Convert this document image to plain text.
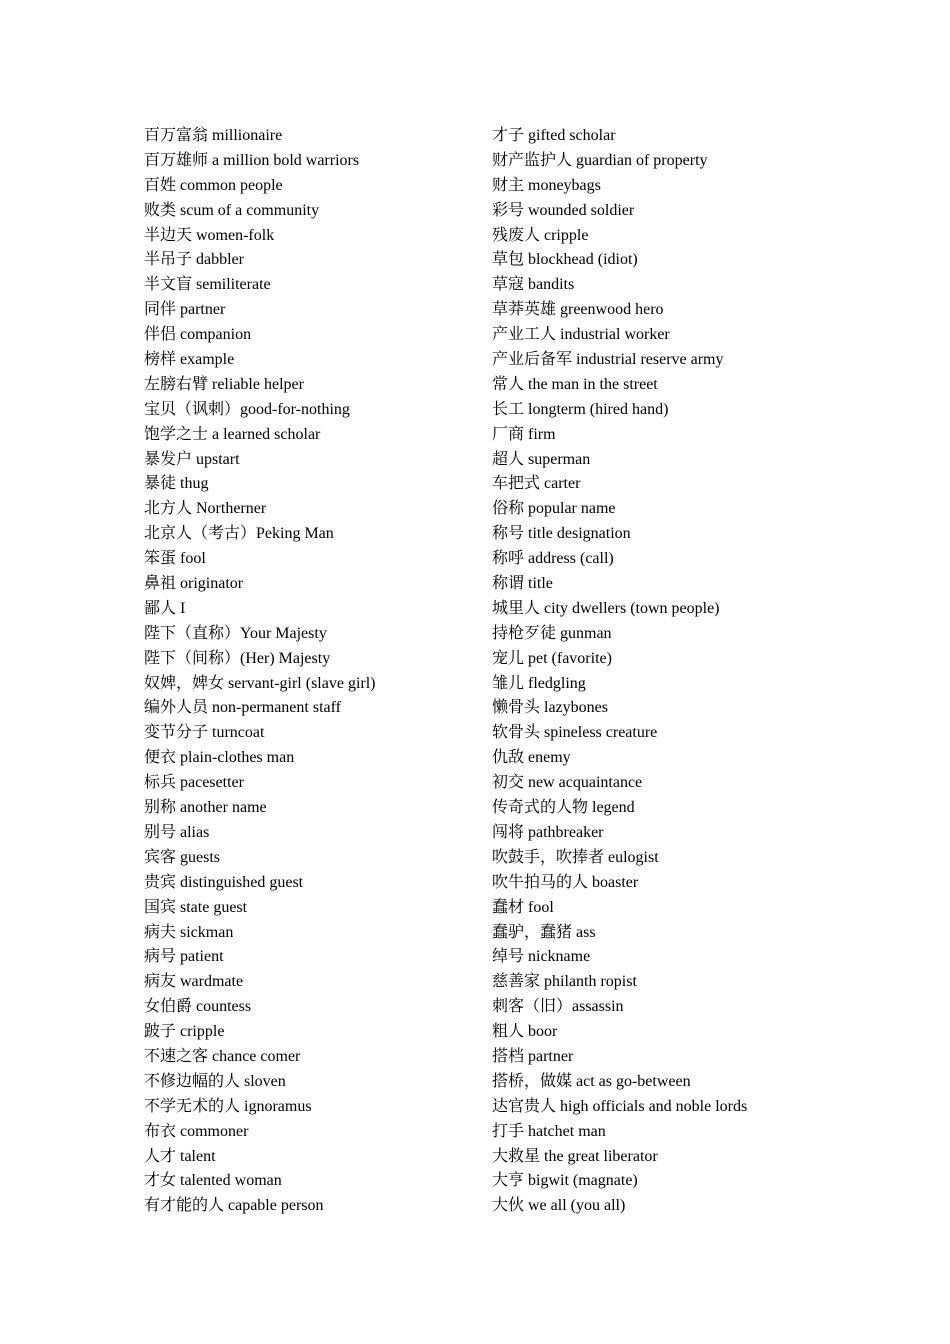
百万富翁 millionaire
百万雄师 a million bold warriors
百姓 common people
败类 scum of a community
半边天 women-folk
半吊子 dabbler
半文盲 semiliterate
同伴 partner
伴侣 companion
榜样 example
左膀右臂 reliable helper
宝贝（讽刺）good-for-nothing
饱学之士 a learned scholar
暴发户 upstart
暴徒 thug
北方人 Northerner
北京人（考古）Peking Man
笨蛋 fool
鼻祖 originator
鄙人 I
陛下（直称）Your Majesty
陛下（间称）(Her) Majesty
奴婢，婢女 servant-girl (slave girl)
编外人员 non-permanent staff
变节分子 turncoat
便衣 plain-clothes man
标兵 pacesetter
别称 another name
别号 alias
宾客 guests
贵宾 distinguished guest
国宾 state guest
病夫 sickman
病号 patient
病友 wardmate
女伯爵 countess
跛子 cripple
不速之客 chance comer
不修边幅的人 sloven
不学无术的人 ignoramus
布衣 commoner
人才 talent
才女 talented woman
有才能的人 capable person
才子 gifted scholar
财产监护人 guardian of property
财主 moneybags
彩号 wounded soldier
残废人 cripple
草包 blockhead (idiot)
草寇 bandits
草莽英雄 greenwood hero
产业工人 industrial worker
产业后备军 industrial reserve army
常人 the man in the street
长工 longterm (hired hand)
厂商 firm
超人 superman
车把式 carter
俗称 popular name
称号 title designation
称呼 address (call)
称谓 title
城里人 city dwellers (town people)
持枪歹徒 gunman
宠儿 pet (favorite)
雏儿 fledgling
懒骨头 lazybones
软骨头 spineless creature
仇敌 enemy
初交 new acquaintance
传奇式的人物 legend
闯将 pathbreaker
吹鼓手，吹捧者 eulogist
吹牛拍马的人 boaster
蠢材 fool
蠢驴，蠢猪 ass
绰号 nickname
慈善家 philanth ropist
刺客（旧）assassin
粗人 boor
搭档 partner
搭桥，做媒 act as go-between
达官贵人 high officials and noble lords
打手 hatchet man
大救星 the great liberator
大亨 bigwit (magnate)
大伙 we all (you all)
